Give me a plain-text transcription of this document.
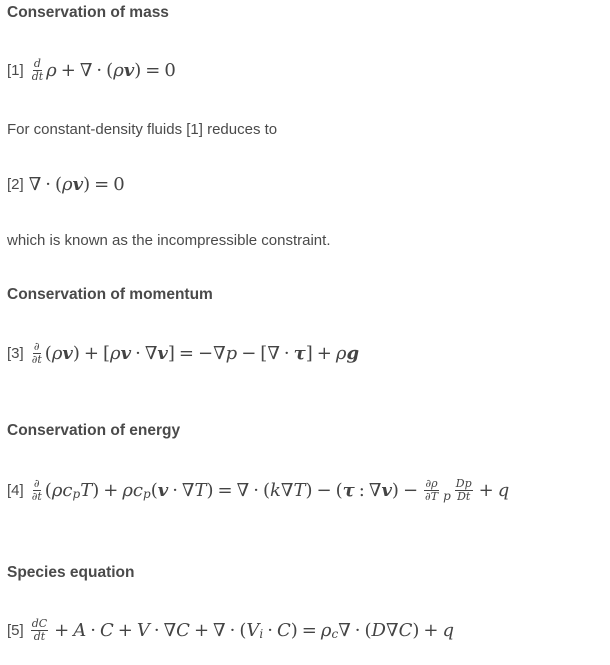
Conservation of mass
$[1] \frac{d}{dt}$ ρ + ∇ · ( ρ v ) = 0
For constant-density fluids [1] reduces to
[2] ∇ · ( ρ v ) = 0
which is known as the incompressible constraint.
Conservation of momentum
$[3] \frac{\partial}{\partial t}$ ( ρ v ) + [ ρ v · ∇ v ] = −∇ p − [∇ · τ ] + ρ g
Conservation of energy
$[4] \frac{\partial}{\partial t}$ ( ρc p T ) + ρc p ( v · ∇ T ) = ∇ · ( k ∇ T ) − ( τ : ∇ v ) − $\frac{\partial\rho}{\partial T}$ p $\frac{Dp}{Dt} + q$
Species equation
$[5] \frac{dC}{dt} + A \cdot C + V$ · ∇ C + ∇ · ( V i · C ) = ρ c ∇ · ( D ∇ C ) + q
